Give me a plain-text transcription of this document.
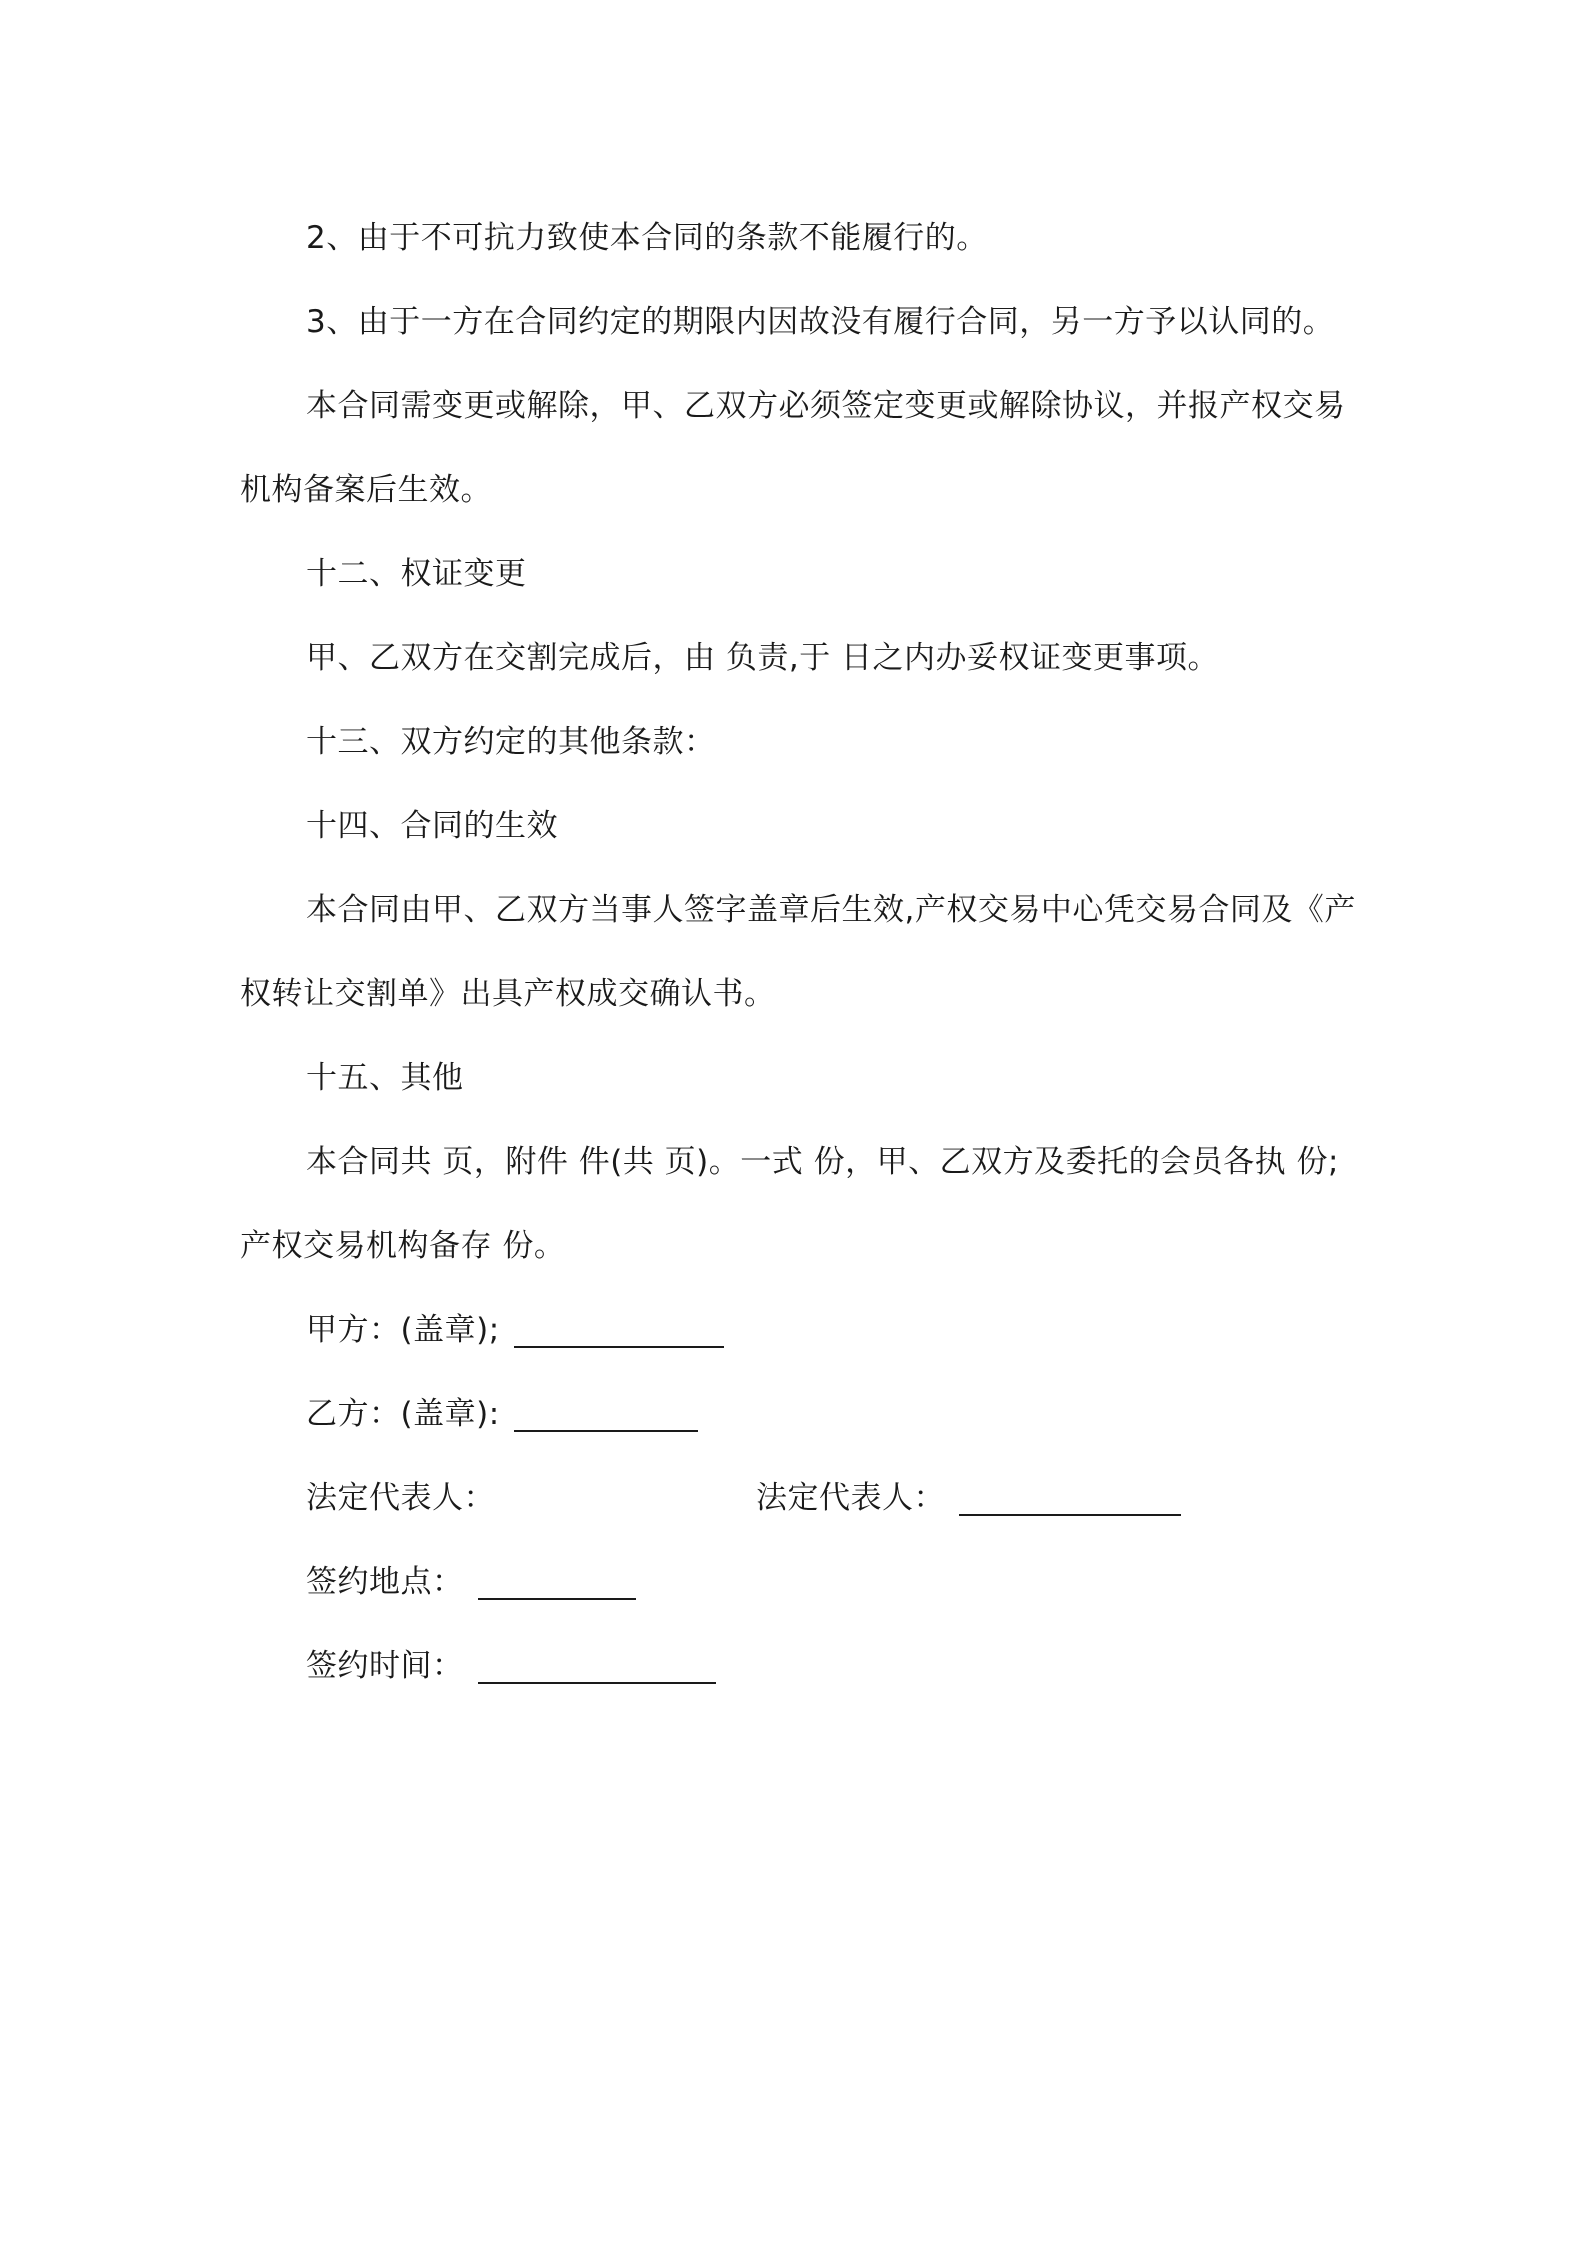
2、由于不可抗力致使本合同的条款不能履行的。
3、由于一方在合同约定的期限内因故没有履行合同，另一方予以认同的。
本合同需变更或解除，甲、乙双方必须签定变更或解除协议，并报产权交易
机构备案后生效。
十二、权证变更
甲、乙双方在交割完成后，由 负责,于 日之内办妥权证变更事项。
十三、双方约定的其他条款：
十四、合同的生效
本合同由甲、乙双方当事人签字盖章后生效,产权交易中心凭交易合同及《产
权转让交割单》出具产权成交确认书。
十五、其他
本合同共 页，附件 件(共 页)。一式 份，甲、乙双方及委托的会员各执 份;
产权交易机构备存 份。
甲方：(盖章);
乙方：(盖章):
法定代表人：	法定代表人：
签约地点：
签约时间：
